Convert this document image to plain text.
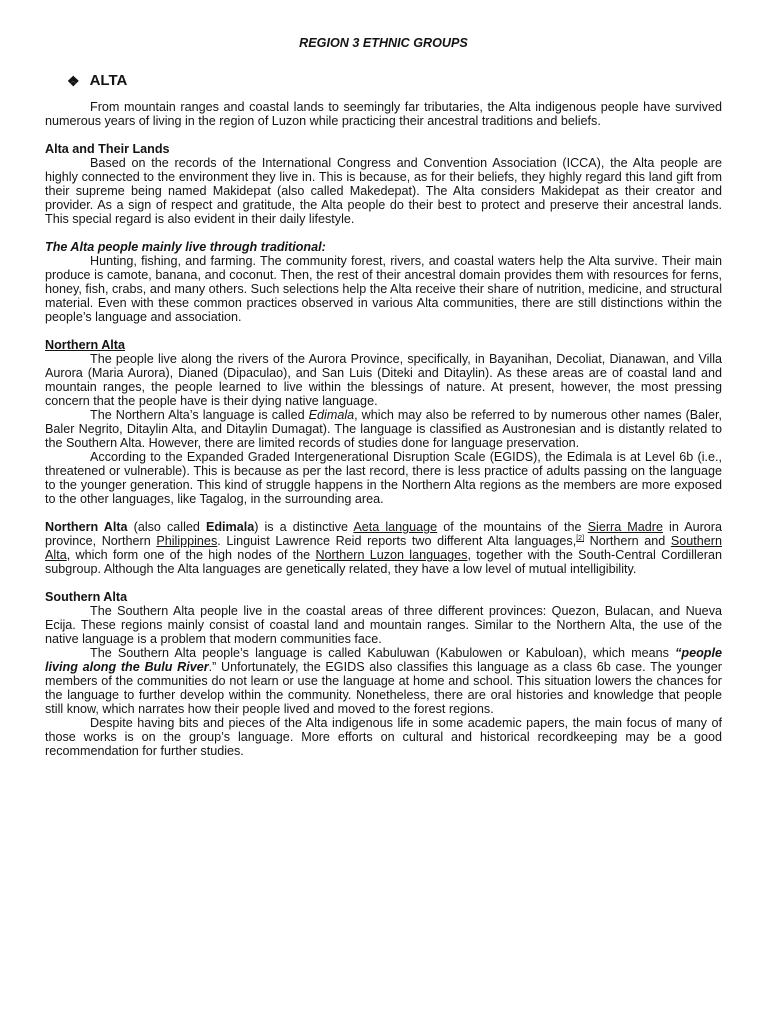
REGION 3 ETHNIC GROUPS
❖ ALTA

From mountain ranges and coastal lands to seemingly far tributaries, the Alta indigenous people have survived numerous years of living in the region of Luzon while practicing their ancestral traditions and beliefs.

Alta and Their Lands

Based on the records of the International Congress and Convention Association (ICCA), the Alta people are highly connected to the environment they live in. This is because, as for their beliefs, they highly regard this land gift from their supreme being named Makidepat (also called Makedepat). The Alta considers Makidepat as their creator and provider. As a sign of respect and gratitude, the Alta people do their best to protect and preserve their ancestral lands. This special regard is also evident in their daily lifestyle.

The Alta people mainly live through traditional:

Hunting, fishing, and farming. The community forest, rivers, and coastal waters help the Alta survive. Their main produce is camote, banana, and coconut. Then, the rest of their ancestral domain provides them with resources for ferns, honey, fish, crabs, and many others. Such selections help the Alta receive their share of nutrition, medicine, and structural material. Even with these common practices observed in various Alta communities, there are still distinctions within the people’s language and association.

Northern Alta

The people live along the rivers of the Aurora Province, specifically, in Bayanihan, Decoliat, Dianawan, and Villa Aurora (Maria Aurora), Dianed (Dipaculao), and San Luis (Diteki and Ditaylin). As these areas are of coastal land and mountain ranges, the people learned to live within the blessings of nature. At present, however, the most pressing concern that the people have is their dying native language.

The Northern Alta’s language is called Edimala, which may also be referred to by numerous other names (Baler, Baler Negrito, Ditaylin Alta, and Ditaylin Dumagat). The language is classified as Austronesian and is distantly related to the Southern Alta. However, there are limited records of studies done for language preservation.

According to the Expanded Graded Intergenerational Disruption Scale (EGIDS), the Edimala is at Level 6b (i.e., threatened or vulnerable). This is because as per the last record, there is less practice of adults passing on the language to the younger generation. This kind of struggle happens in the Northern Alta regions as the members are more exposed to the other languages, like Tagalog, in the surrounding area.

Northern Alta (also called Edimala) is a distinctive Aeta language of the mountains of the Sierra Madre in Aurora province, Northern Philippines. Linguist Lawrence Reid reports two different Alta languages,[2] Northern and Southern Alta, which form one of the high nodes of the Northern Luzon languages, together with the South-Central Cordilleran subgroup. Although the Alta languages are genetically related, they have a low level of mutual intelligibility.

Southern Alta

The Southern Alta people live in the coastal areas of three different provinces: Quezon, Bulacan, and Nueva Ecija. These regions mainly consist of coastal land and mountain ranges. Similar to the Northern Alta, the use of the native language is a problem that modern communities face.

The Southern Alta people’s language is called Kabuluwan (Kabulowen or Kabuloan), which means “people living along the Bulu River.” Unfortunately, the EGIDS also classifies this language as a class 6b case. The younger members of the communities do not learn or use the language at home and school. This situation lowers the chances for the language to further develop within the community. Nonetheless, there are oral histories and knowledge that people still know, which narrates how their people lived and moved to the forest regions.

Despite having bits and pieces of the Alta indigenous life in some academic papers, the main focus of many of those works is on the group’s language. More efforts on cultural and historical recordkeeping may be a good recommendation for further studies.
